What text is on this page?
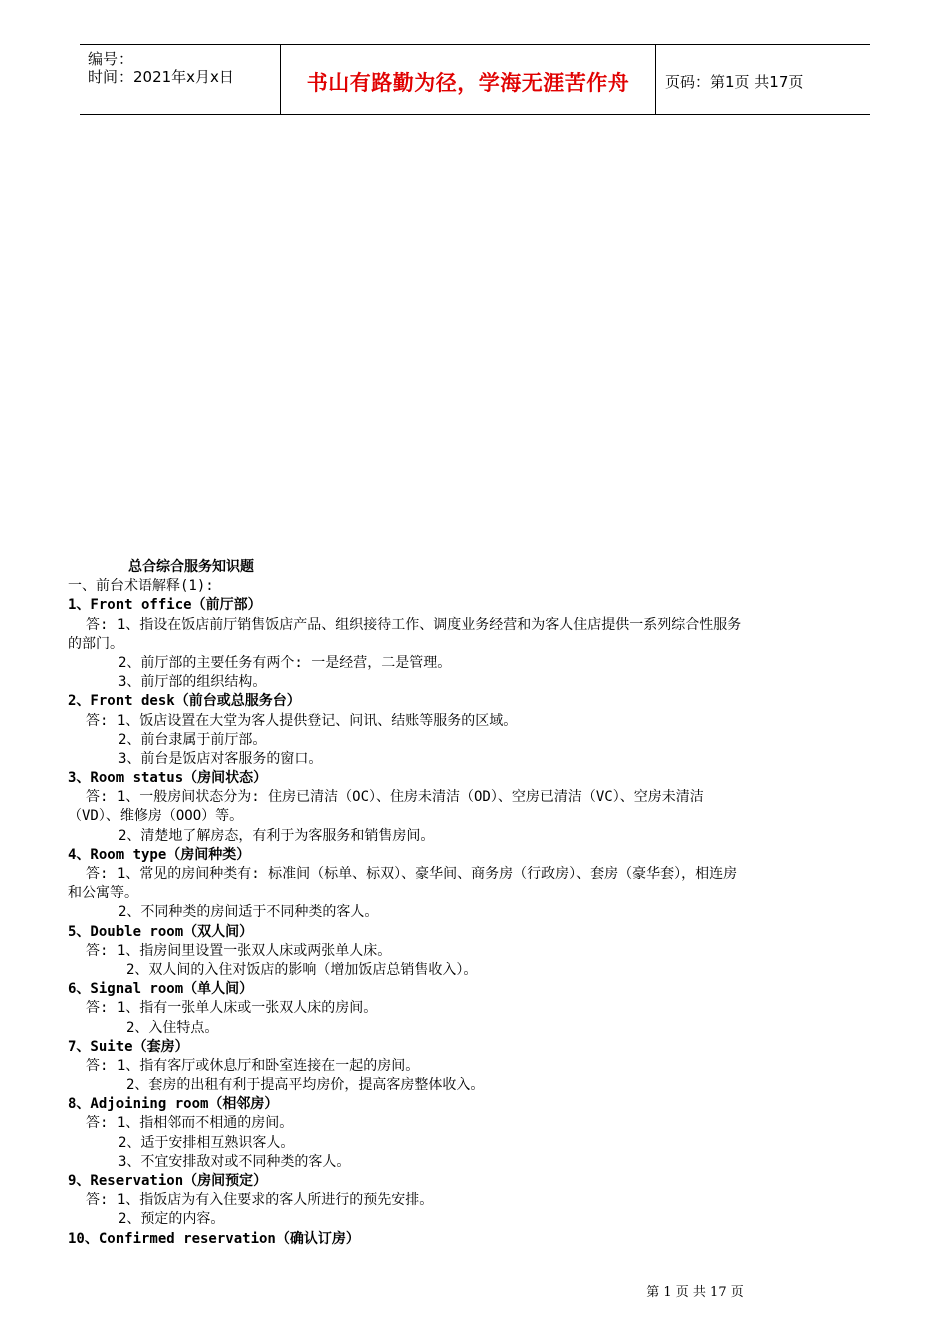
编号：
时间：2021年x月x日	书山有路勤为径，学海无涯苦作舟	页码：第1页 共17页
总合综合服务知识题
一、前台术语解释(1):
1、Front office（前厅部）
答: 1、指设在饭店前厅销售饭店产品、组织接待工作、调度业务经营和为客人住店提供一系列综合性服务
的部门。
2、前厅部的主要任务有两个: 一是经营，二是管理。
3、前厅部的组织结构。
2、Front desk（前台或总服务台）
答: 1、饭店设置在大堂为客人提供登记、问讯、结账等服务的区域。
2、前台隶属于前厅部。
3、前台是饭店对客服务的窗口。
3、Room status（房间状态）
答: 1、一般房间状态分为: 住房已清洁（OC）、住房未清洁（OD）、空房已清洁（VC）、空房未清洁
（VD）、维修房（OOO）等。
2、清楚地了解房态，有利于为客服务和销售房间。
4、Room type（房间种类）
答: 1、常见的房间种类有: 标准间（标单、标双）、豪华间、商务房（行政房）、套房（豪华套），相连房
和公寓等。
2、不同种类的房间适于不同种类的客人。
5、Double room（双人间）
答: 1、指房间里设置一张双人床或两张单人床。
2、双人间的入住对饭店的影响（增加饭店总销售收入）。
6、Signal room（单人间）
答: 1、指有一张单人床或一张双人床的房间。
2、入住特点。
7、Suite（套房）
答: 1、指有客厅或休息厅和卧室连接在一起的房间。
2、套房的出租有利于提高平均房价，提高客房整体收入。
8、Adjoining room（相邻房）
答: 1、指相邻而不相通的房间。
2、适于安排相互熟识客人。
3、不宜安排敌对或不同种类的客人。
9、Reservation（房间预定）
答: 1、指饭店为有入住要求的客人所进行的预先安排。
2、预定的内容。
10、Confirmed reservation（确认订房）
第 1 页 共 17 页
